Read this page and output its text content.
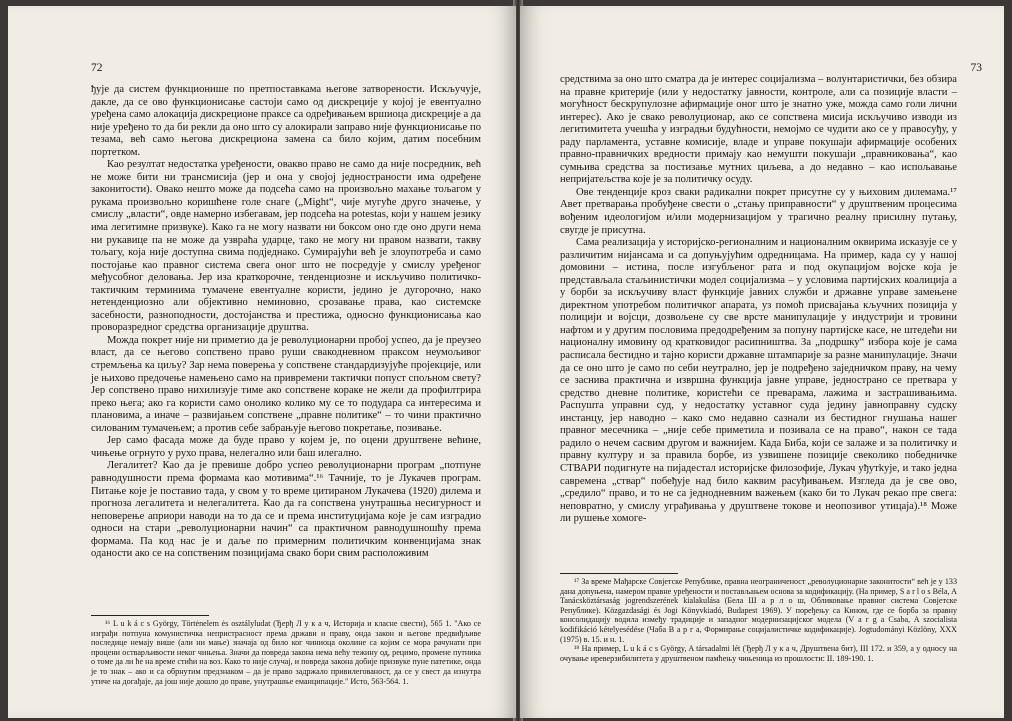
72

ђује да систем функционише по претпоставкама његове затворености. Искључује, дакле, да се ово функционисање састоји само од дискреције у којој је евентуално уређена само алокација дискреционе праксе са одређивањем вршиоца дискреције а да није уређено то да би рекли да оно што су алокирали заправо није функционисање по тезама, већ само његова дискрециона замена са било којим, датим посебним портетком.

Као резултат недостатка уређености, овакво право не само да није посредник, већ не може бити ни трансмисија (јер и она у својој једностраности има одређене законитости). Овако нешто може да подсећа само на произвољно махање тољагом у рукама произвољно коришћене голе снаге („Might“, чије мугуће друго значење, у смислу „власти“, овде намерно избегавам, јер подсећа на potestas, који у нашем језику има легитимне призвуке). Како га не могу назвати ни боксом оно где оно други нема ни рукавице па не може да узврaћа ударце, тако не могу ни правом назвати, такву тољагу, која није доступна свима подједнако. Сумирајући већ је злоупотреба и само постојање као правног система свега оног што не посредује у смислу уређеног међусобног деловања. Јер иза краткорочне, тенденциозне и искључиво политичко-тактичким терминима тумачене евентуалне користи, једино је дугорочно, нако нетенденциозно али објективно неминовно, срозавање права, као системске засебности, разноподности, достојанства и престижа, односно функционисања као проворазредног средства организације друштва.

Можда покрет није ни приметио да је револуционарни пробој успео, да је преузео власт, да се његово сопствено право руши свакодневном праксом неумољивог стремљења ка циљу? Зар нема поверења у сопствене стандардизујуће пројекције, или је њихово предочење намењено само на привремени тактички попуст спољном свету? Јер сопствено право нихилизује тиме ако сопствене кораке не жели да профилтрира преко њега; ако га користи само онолико колико му се то подудара са интересима и плановима, а иначе – развијањем сопствене „правне политике“ – то чини практично силованим тумачењем; а против себе забрањује његово покретање, позивање.

Јер само фасада може да буде право у којем је, по оцени друштвене већине, чињење огрнуто у рухо права, нелегално или баш илегално.

Легалитет? Као да је превише добро успео револуционарни програм „потпуне равнодушности према формама као мотивима“.¹⁶ Тачније, то је Лукачев програм. Питање које је поставио тада, у свом у то време цитираном Лукачева (1920) дилема и прогноза легалитета и нелегалитета. Као да га сопствена унутрашња несигурност и неповерење априори наводи на то да се и према институцијама које је сам изградио односи на стари „револуционарни начин“ са практичном равнодушношћу према формама. Па код нас је и даље по примерним политичким конвенцијама знак оданости ако се на сопственим позицијама свако бори свим расположивим

¹⁶ L u k á c s György, Törtėnelem ės osztályludat (Ђерђ Л у к а ч, Историја и класне свести), 565 1. "Ако се изграђи потпуна комунистичка непристрасност према држави и праву, онда закон и његове предвиђљиве последице немају више (али ни мање) значаја од било ког чиниоца околине са којим се мора рачунати при процени остварљивости неког чињења. Значи да повреда закона нема већу тежину од, рецимо, промене путника о томе да ли ће на време стићи на воз. Како то није случај, и повреда закона добије призвуке пуне патетике, онда је то знак – ако и са обрнутим предзнаком – да је право задржало привилегованост, да се у свест да изнутра утиче на догађаје, да још није дошло до праве, унутрашње еманципације." Исто, 563-564. 1.

73

средствима за оно што сматра да је интерес социјализма – волунтаристички, без обзира на правне критерије (или у недостатку јавности, контроле, али са позиције власти – могућност бескрупулозне афирмације оног што је знатно уже, можда само голи лични интерес). Ако је свако револуционар, ако се сопствена мисија искључиво изводи из легитимитета учешћа у изградњи будућности, немојмо се чудити ако се у правосуђу, у раду парламента, уставне комисије, владе и управе покушаји афирмације особених правно-правничких вредности примају као немушти покушаји „правниковања“, као сумњива средства за постизање мутних циљева, а до недавно – као испољавање непријатељства које је за политичку осуду.

Ове тенденције кроз сваки радикални покрет присутне су у њиховим дилемама.¹⁷ Авет претварања пробуђене свести о „стању приправности“ у друштвеним процесима вођеним идеологијом и/или модернизацијом у трагично реалну присилну путању, свугде је присутна.

Сама реализација у историјско-регионалним и националним оквирима исказује се у различитим нијансама и са допуњујућим одредницама. На пример, када су у нашој домовини – истина, после изгубљеног рата и под окупацијом војске која је представљала стаљинистички модел социјализма – у условима партијских коалиција а у борби за искључиву власт функције јавних служби и државне управе замењене директном употребом политичког апарата, уз помоћ присвајања кључних позиција у полицији и војсци, дозвољене су све врсте манипулације у индустрији и тровини нафтом и у другим пословима предодређеним за попуну партијске касе, не штедећи ни националну имовину од кратковидог расипништва. За „подршку“ избора које је сама расписала бестидно и тајно користи државне штампарије за разне манипулације. Значи да се оно што је само по себи неутрално, јер је подређено заједничком праву, на чему се заснива практична и извршна функција јавне управе, једнострано се претвара у средство дневне политике, користећи се преварама, лажима и застрашивањима. Распушта управни суд, у недостатку уставног суда једину јавноправну судску инстанцу, јер наводно – како смо недавно сазнали из бестидног гнушања нашег правног месечника – „није себе приметила и позивала се на право“, након се тада радило о нечем сасвим другом и важнијем. Када Биба, који се залаже и за политичку и правну културу и за правила борбе, из узвишене позиције свеколико победничке СТВАРИ подигнуте на пијадестал историјске филозофије, Лукач уђутkује, и тако једна савремена „ствар“ побеђује над било каквим расуђивањем. Изгледа да је све ово, „средило“ право, и то не са једнодневним важењем (како би то Лукач рекао пре свега: неповратно, у смислу уграђивања у друштвене токове и неопозивог утицаја).¹⁸ Може ли рушење хомоге-

¹⁷ За време Мађарске Совјетске Републике, правна неограниченост „револуционарне законитости“ већ је у 133 дана допуњена, намером правне уређености и постављањем основа за кодификацију. (На пример, S a r l o s Béla, A Tanácsköztársaság jogrendszerének kialakulása (Бела Ш а р л о ш, Обликовање правног система Совјетске Републике). Közgazdasági és Jogi Könyvkiadó, Budapest 1969). У поређењу са Кином, где се борба за правну консолидацију водила између традиције и западног модернизацијског модела (V a r g a Csaba, A szocialista kodifikáció kételyesédése (Чаба В а р г а, Формирање социјалистичке кодификације). Jogtudományi Közlöny, XXX (1975) в. 15. и н. 1.

¹⁸ На пример, L u k á c s György, A társadalmi lét (Ђерђ Л у к а ч, Друштвена бит), III 172. и 359, а у односу на очување иреверзибилитета у друштвеном памћењу чињеница из прошлости: II. 189-190. 1.
